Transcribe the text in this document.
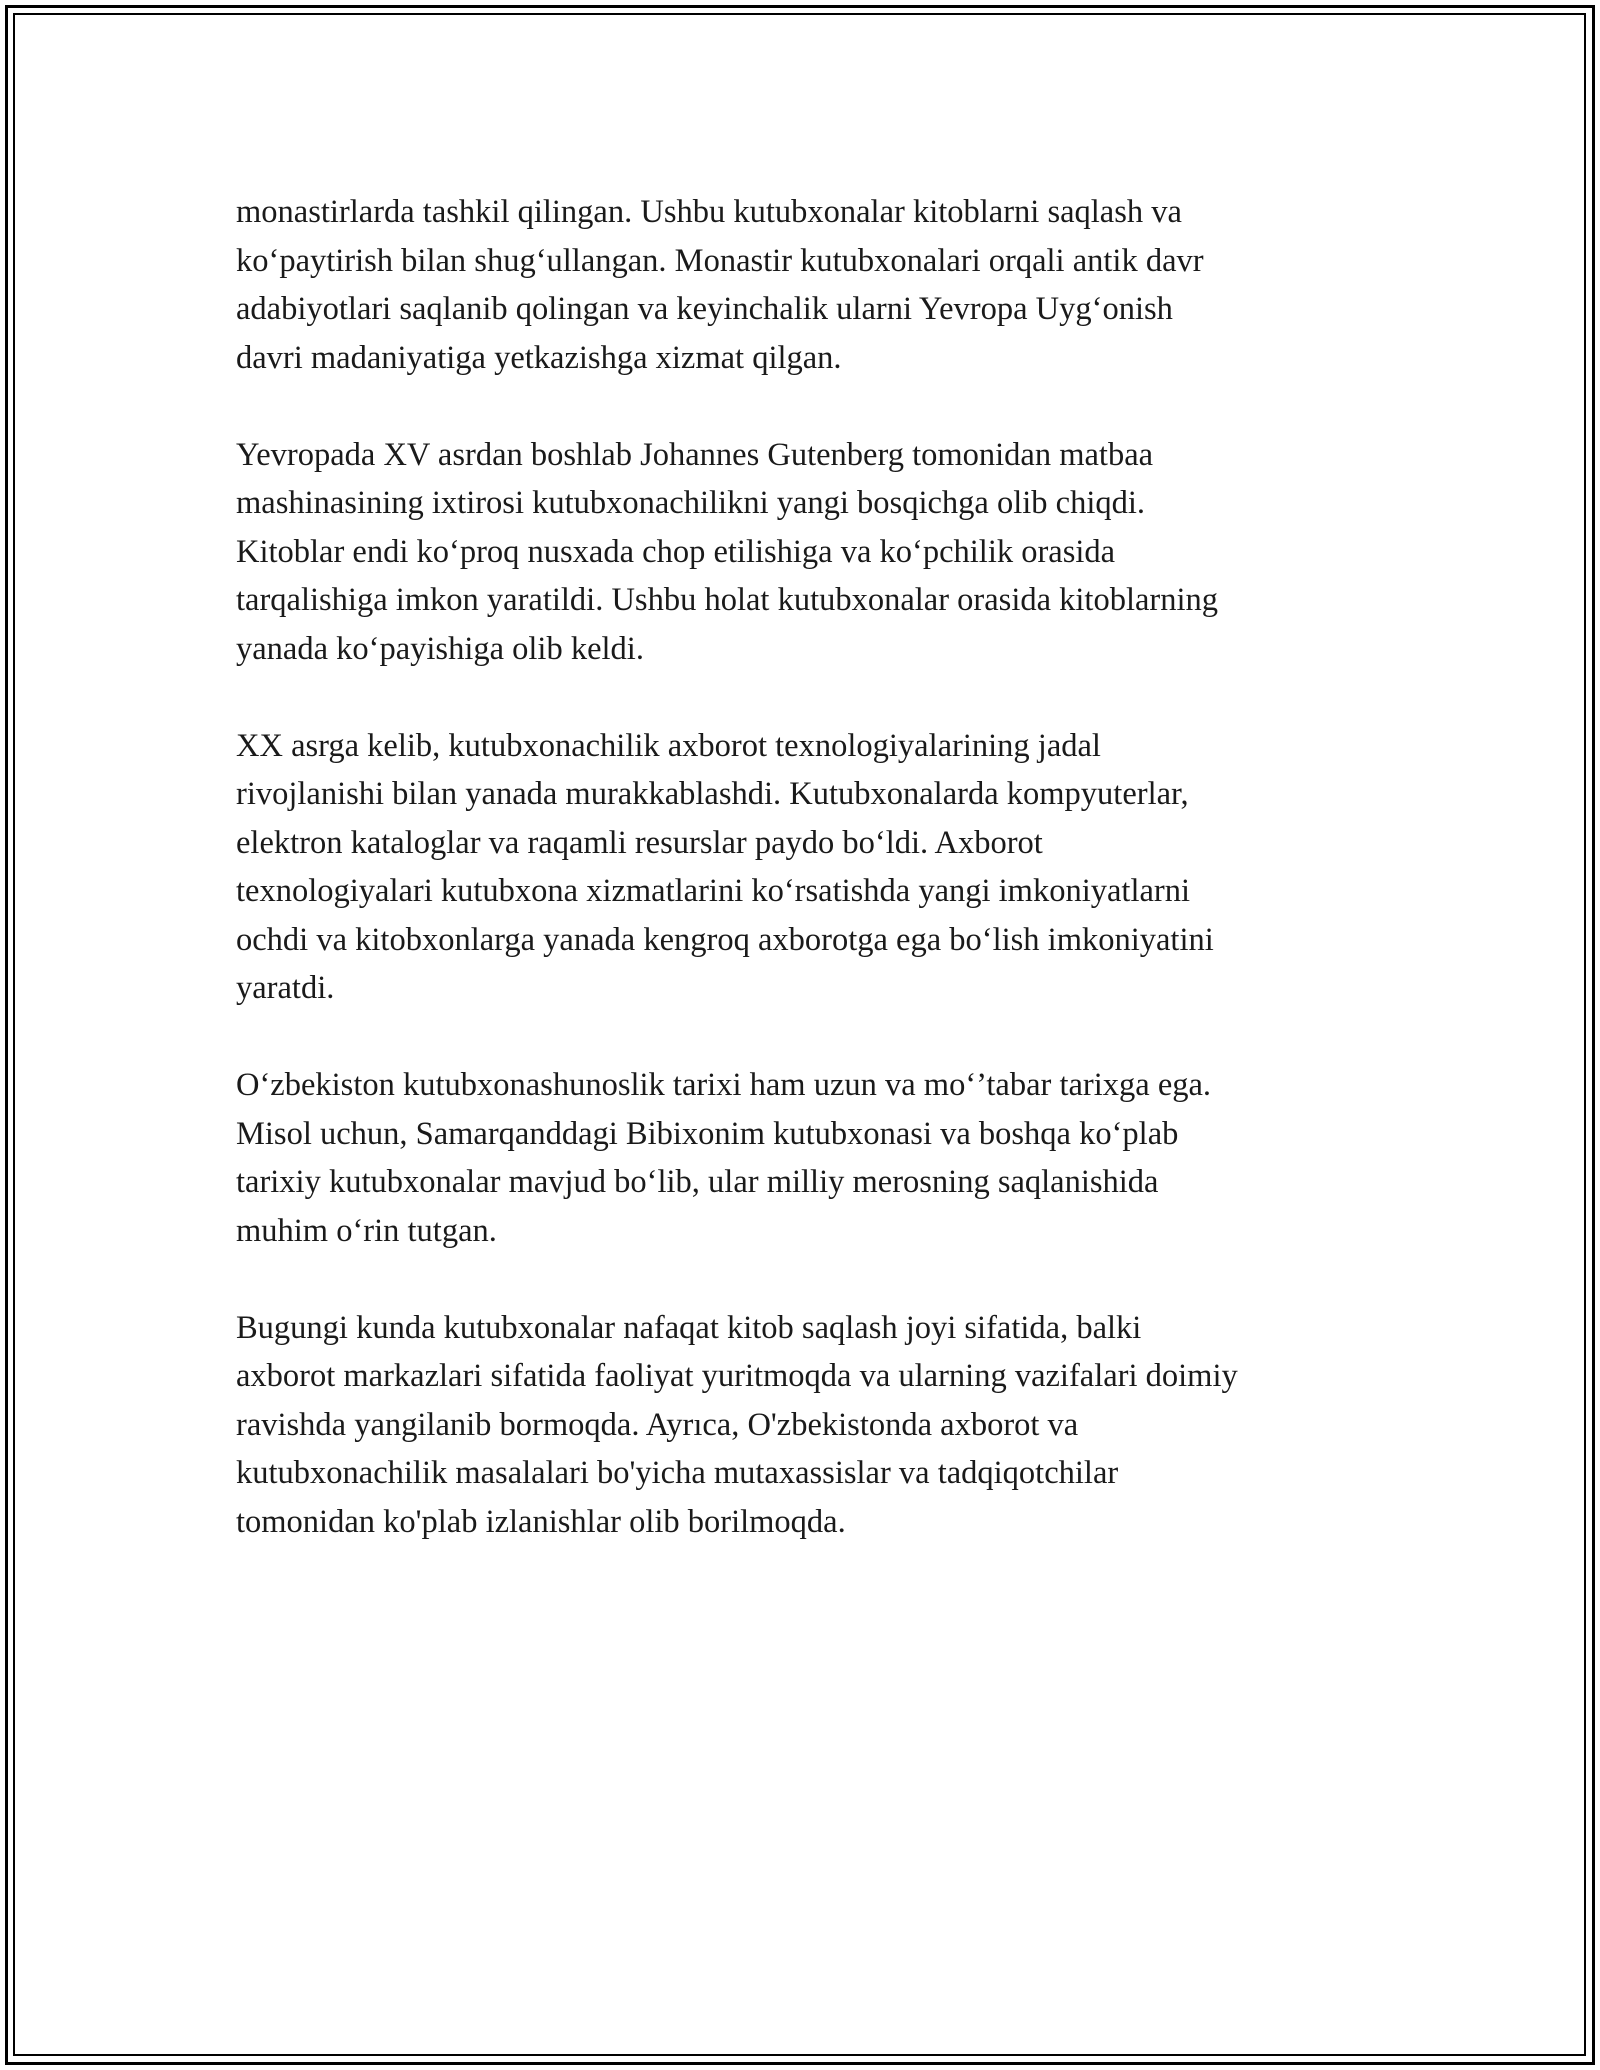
monastirlarda tashkil qilingan. Ushbu kutubxonalar kitoblarni saqlash va
ko‘paytirish bilan shug‘ullangan. Monastir kutubxonalari orqali antik davr
adabiyotlari saqlanib qolingan va keyinchalik ularni Yevropa Uyg‘onish
davri madaniyatiga yetkazishga xizmat qilgan.

Yevropada XV asrdan boshlab Johannes Gutenberg tomonidan matbaa
mashinasining ixtirosi kutubxonachilikni yangi bosqichga olib chiqdi.
Kitoblar endi ko‘proq nusxada chop etilishiga va ko‘pchilik orasida
tarqalishiga imkon yaratildi. Ushbu holat kutubxonalar orasida kitoblarning
yanada ko‘payishiga olib keldi.

XX asrga kelib, kutubxonachilik axborot texnologiyalarining jadal
rivojlanishi bilan yanada murakkablashdi. Kutubxonalarda kompyuterlar,
elektron kataloglar va raqamli resurslar paydo bo‘ldi. Axborot
texnologiyalari kutubxona xizmatlarini ko‘rsatishda yangi imkoniyatlarni
ochdi va kitobxonlarga yanada kengroq axborotga ega bo‘lish imkoniyatini
yaratdi.

O‘zbekiston kutubxonashunoslik tarixi ham uzun va mo‘’tabar tarixga ega.
Misol uchun, Samarqanddagi Bibixonim kutubxonasi va boshqa ko‘plab
tarixiy kutubxonalar mavjud bo‘lib, ular milliy merosning saqlanishida
muhim o‘rin tutgan.

Bugungi kunda kutubxonalar nafaqat kitob saqlash joyi sifatida, balki
axborot markazlari sifatida faoliyat yuritmoqda va ularning vazifalari doimiy
ravishda yangilanib bormoqda. Ayrıca, O'zbekistonda axborot va
kutubxonachilik masalalari bo'yicha mutaxassislar va tadqiqotchilar
tomonidan ko'plab izlanishlar olib borilmoqda.
